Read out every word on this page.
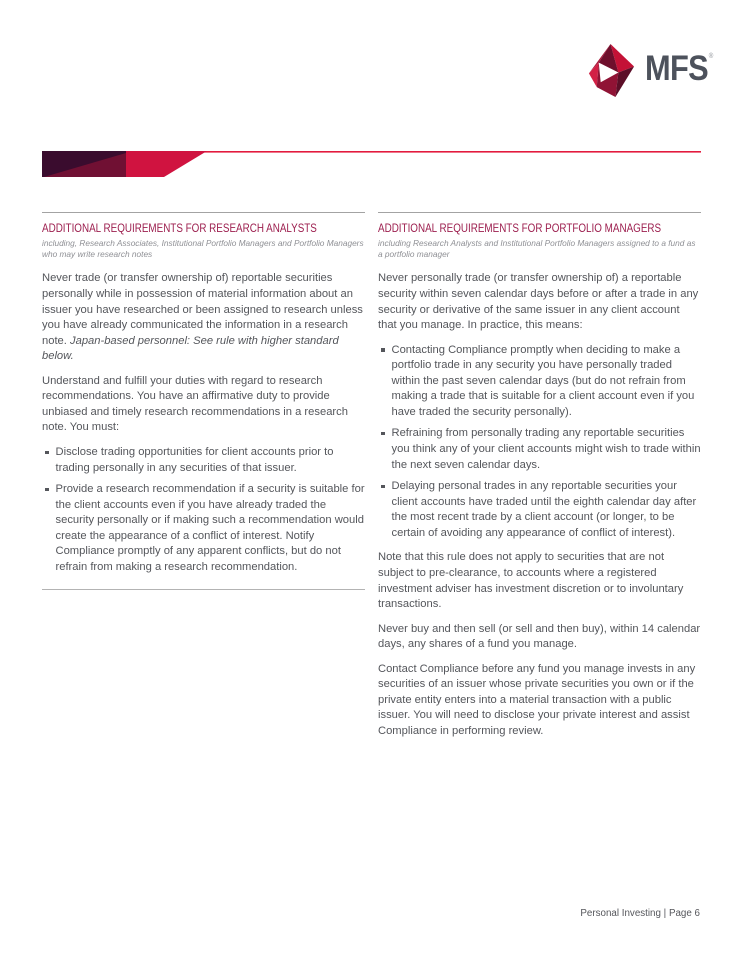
MFS ®
ADDITIONAL REQUIREMENTS FOR RESEARCH ANALYSTS

including, Research Associates, Institutional Portfolio Managers and Portfolio Managers who may write research notes

Never trade (or transfer ownership of) reportable securities personally while in possession of material information about an issuer you have researched or been assigned to research unless you have already communicated the information in a research note. Japan-based personnel: See rule with higher standard below.

Understand and fulfill your duties with regard to research recommendations. You have an affirmative duty to provide unbiased and timely research recommendations in a research note. You must:

Disclose trading opportunities for client accounts prior to trading personally in any securities of that issuer.
Provide a research recommendation if a security is suitable for the client accounts even if you have already traded the security personally or if making such a recommendation would create the appearance of a conflict of interest. Notify Compliance promptly of any apparent conflicts, but do not refrain from making a research recommendation.
ADDITIONAL REQUIREMENTS FOR PORTFOLIO MANAGERS

including Research Analysts and Institutional Portfolio Managers assigned to a fund as a portfolio manager

Never personally trade (or transfer ownership of) a reportable security within seven calendar days before or after a trade in any security or derivative of the same issuer in any client account that you manage. In practice, this means:

Contacting Compliance promptly when deciding to make a portfolio trade in any security you have personally traded within the past seven calendar days (but do not refrain from making a trade that is suitable for a client account even if you have traded the security personally).
Refraining from personally trading any reportable securities you think any of your client accounts might wish to trade within the next seven calendar days.
Delaying personal trades in any reportable securities your client accounts have traded until the eighth calendar day after the most recent trade by a client account (or longer, to be certain of avoiding any appearance of conflict of interest).

Note that this rule does not apply to securities that are not subject to pre-clearance, to accounts where a registered investment adviser has investment discretion or to involuntary transactions.

Never buy and then sell (or sell and then buy), within 14 calendar days, any shares of a fund you manage.

Contact Compliance before any fund you manage invests in any securities of an issuer whose private securities you own or if the private entity enters into a material transaction with a public issuer. You will need to disclose your private interest and assist Compliance in performing review.

Personal Investing | Page 6
